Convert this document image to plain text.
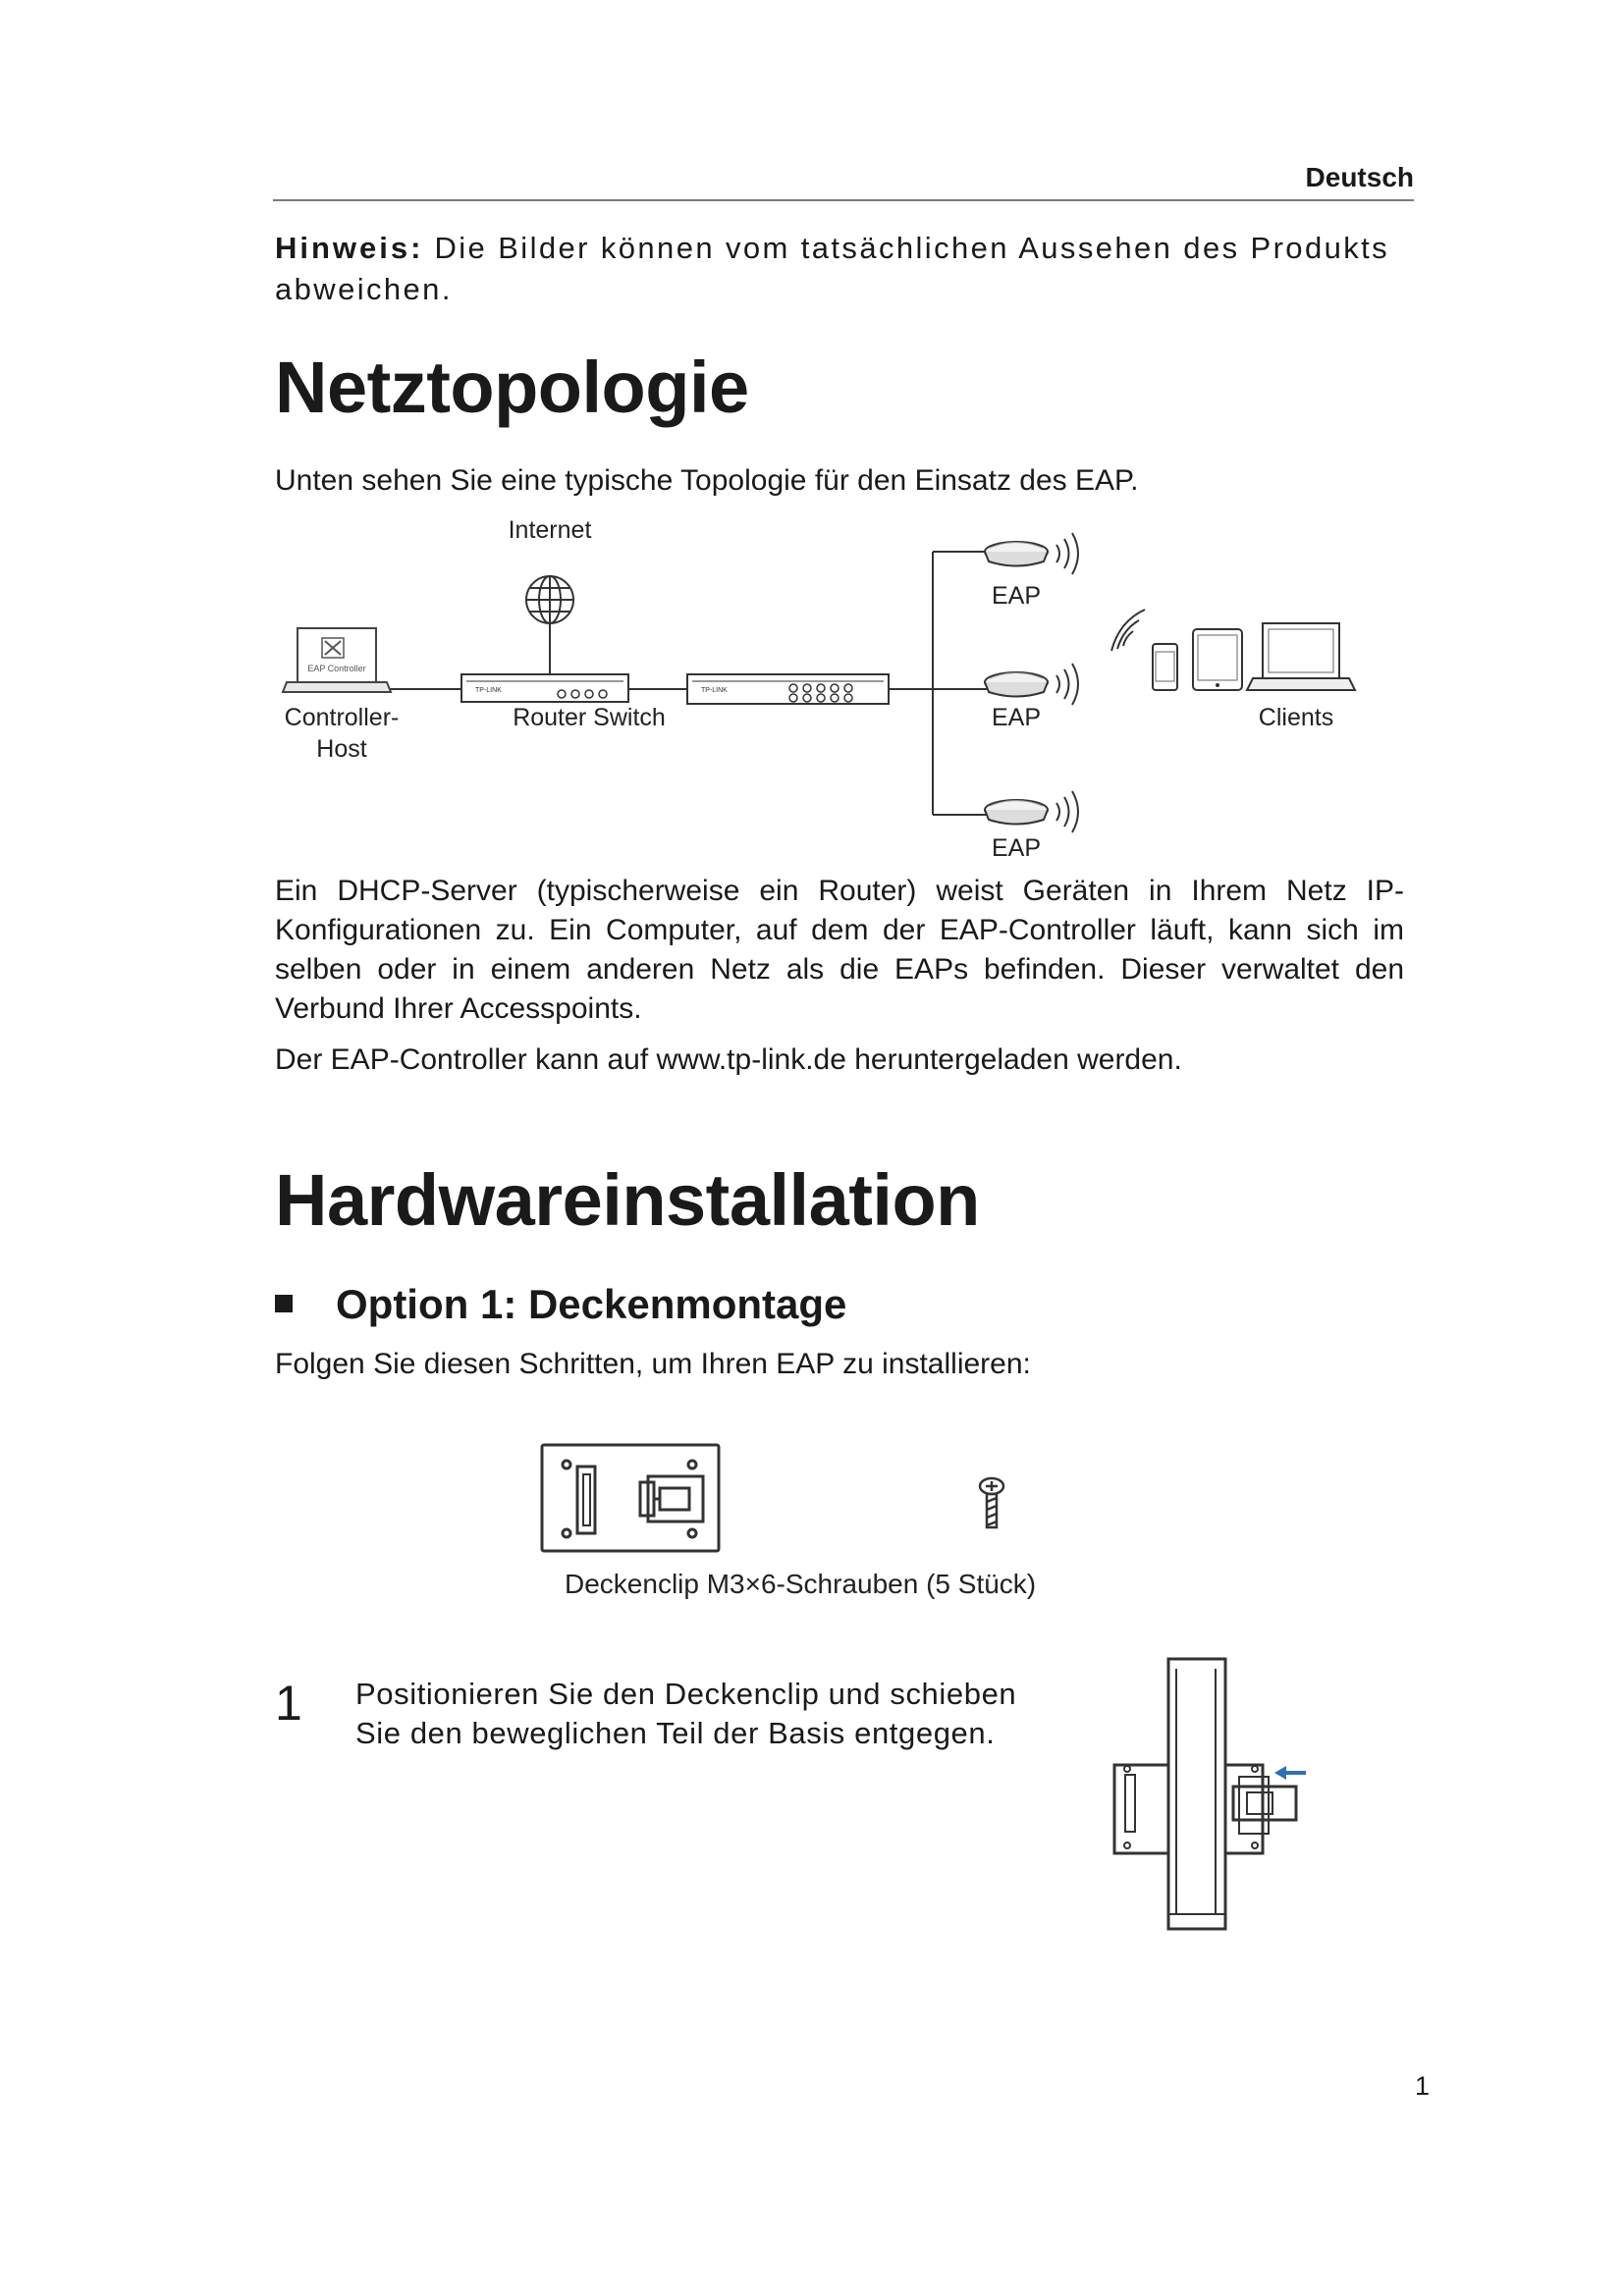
Deutsch
Hinweis: Die Bilder können vom tatsächlichen Aussehen des Produkts abweichen.
Netztopologie
Unten sehen Sie eine typische Topologie für den Einsatz des EAP.
Internet
EAP Controller
Controller-
Host
TP-LINK
Router Switch
TP-LINK
EAP
EAP
EAP
Clients
Ein DHCP-Server (typischerweise ein Router) weist Geräten in Ihrem Netz IP-Konfigurationen zu. Ein Computer, auf dem der EAP-Controller läuft, kann sich im selben oder in einem anderen Netz als die EAPs befinden. Dieser verwaltet den Verbund Ihrer Accesspoints.
Der EAP-Controller kann auf www.tp-link.de heruntergeladen werden.
Hardwareinstallation
Option 1: Deckenmontage
Folgen Sie diesen Schritten, um Ihren EAP zu installieren:
Deckenclip M3×6-Schrauben (5 Stück)
1 Positionieren Sie den Deckenclip und schieben Sie den beweglichen Teil der Basis entgegen.
1
